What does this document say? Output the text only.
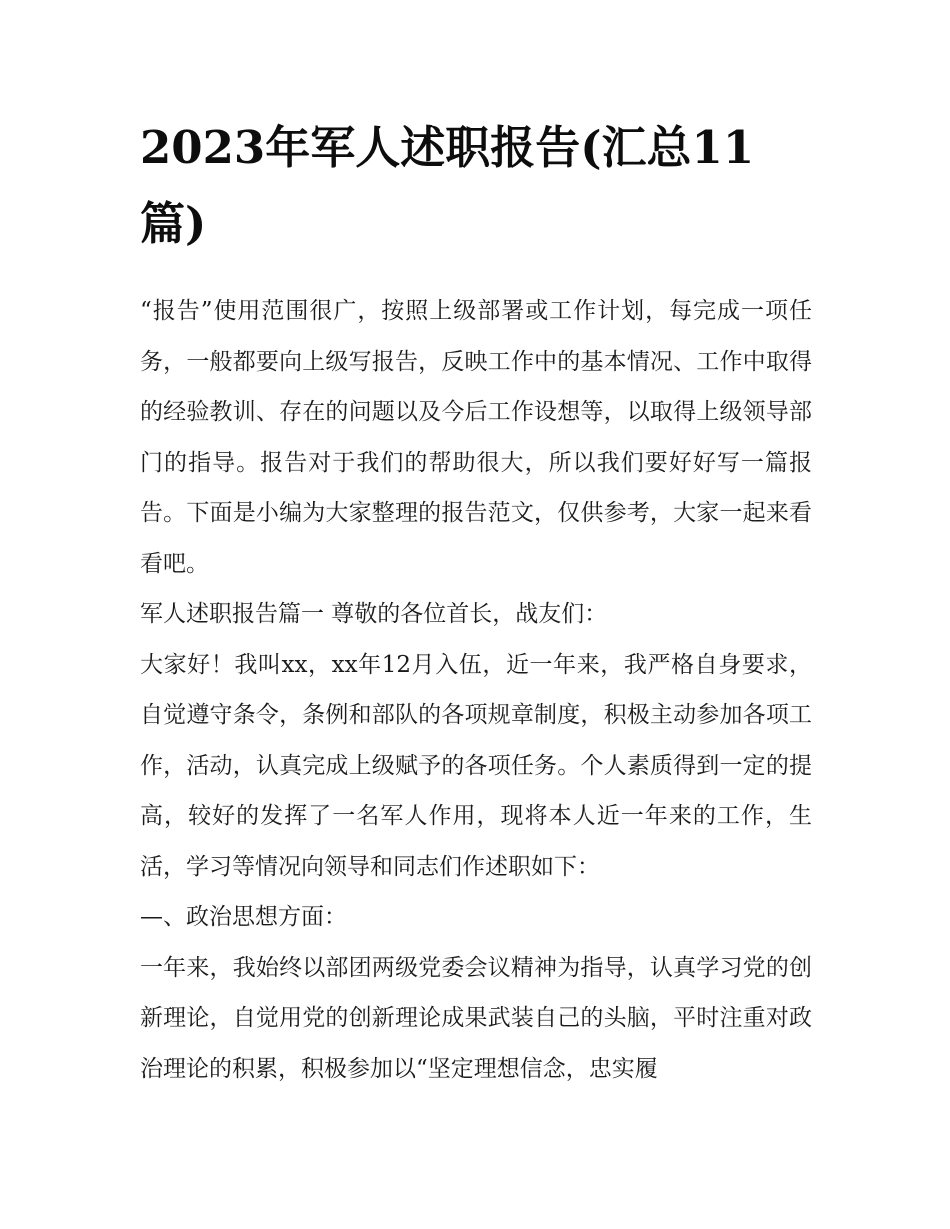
2023年军人述职报告(汇总11篇)

“报告”使用范围很广，按照上级部署或工作计划，每完成一项任务，一般都要向上级写报告，反映工作中的基本情况、工作中取得的经验教训、存在的问题以及今后工作设想等，以取得上级领导部门的指导。报告对于我们的帮助很大，所以我们要好好写一篇报告。下面是小编为大家整理的报告范文，仅供参考，大家一起来看看吧。

军人述职报告篇一 尊敬的各位首长，战友们：

大家好！我叫xx，xx年12月入伍，近一年来，我严格自身要求，自觉遵守条令，条例和部队的各项规章制度，积极主动参加各项工作，活动，认真完成上级赋予的各项任务。个人素质得到一定的提高，较好的发挥了一名军人作用，现将本人近一年来的工作，生活，学习等情况向领导和同志们作述职如下：

—、政治思想方面：

一年来，我始终以部团两级党委会议精神为指导，认真学习党的创新理论，自觉用党的创新理论成果武装自己的头脑，平时注重对政治理论的积累，积极参加以“坚定理想信念，忠实履
